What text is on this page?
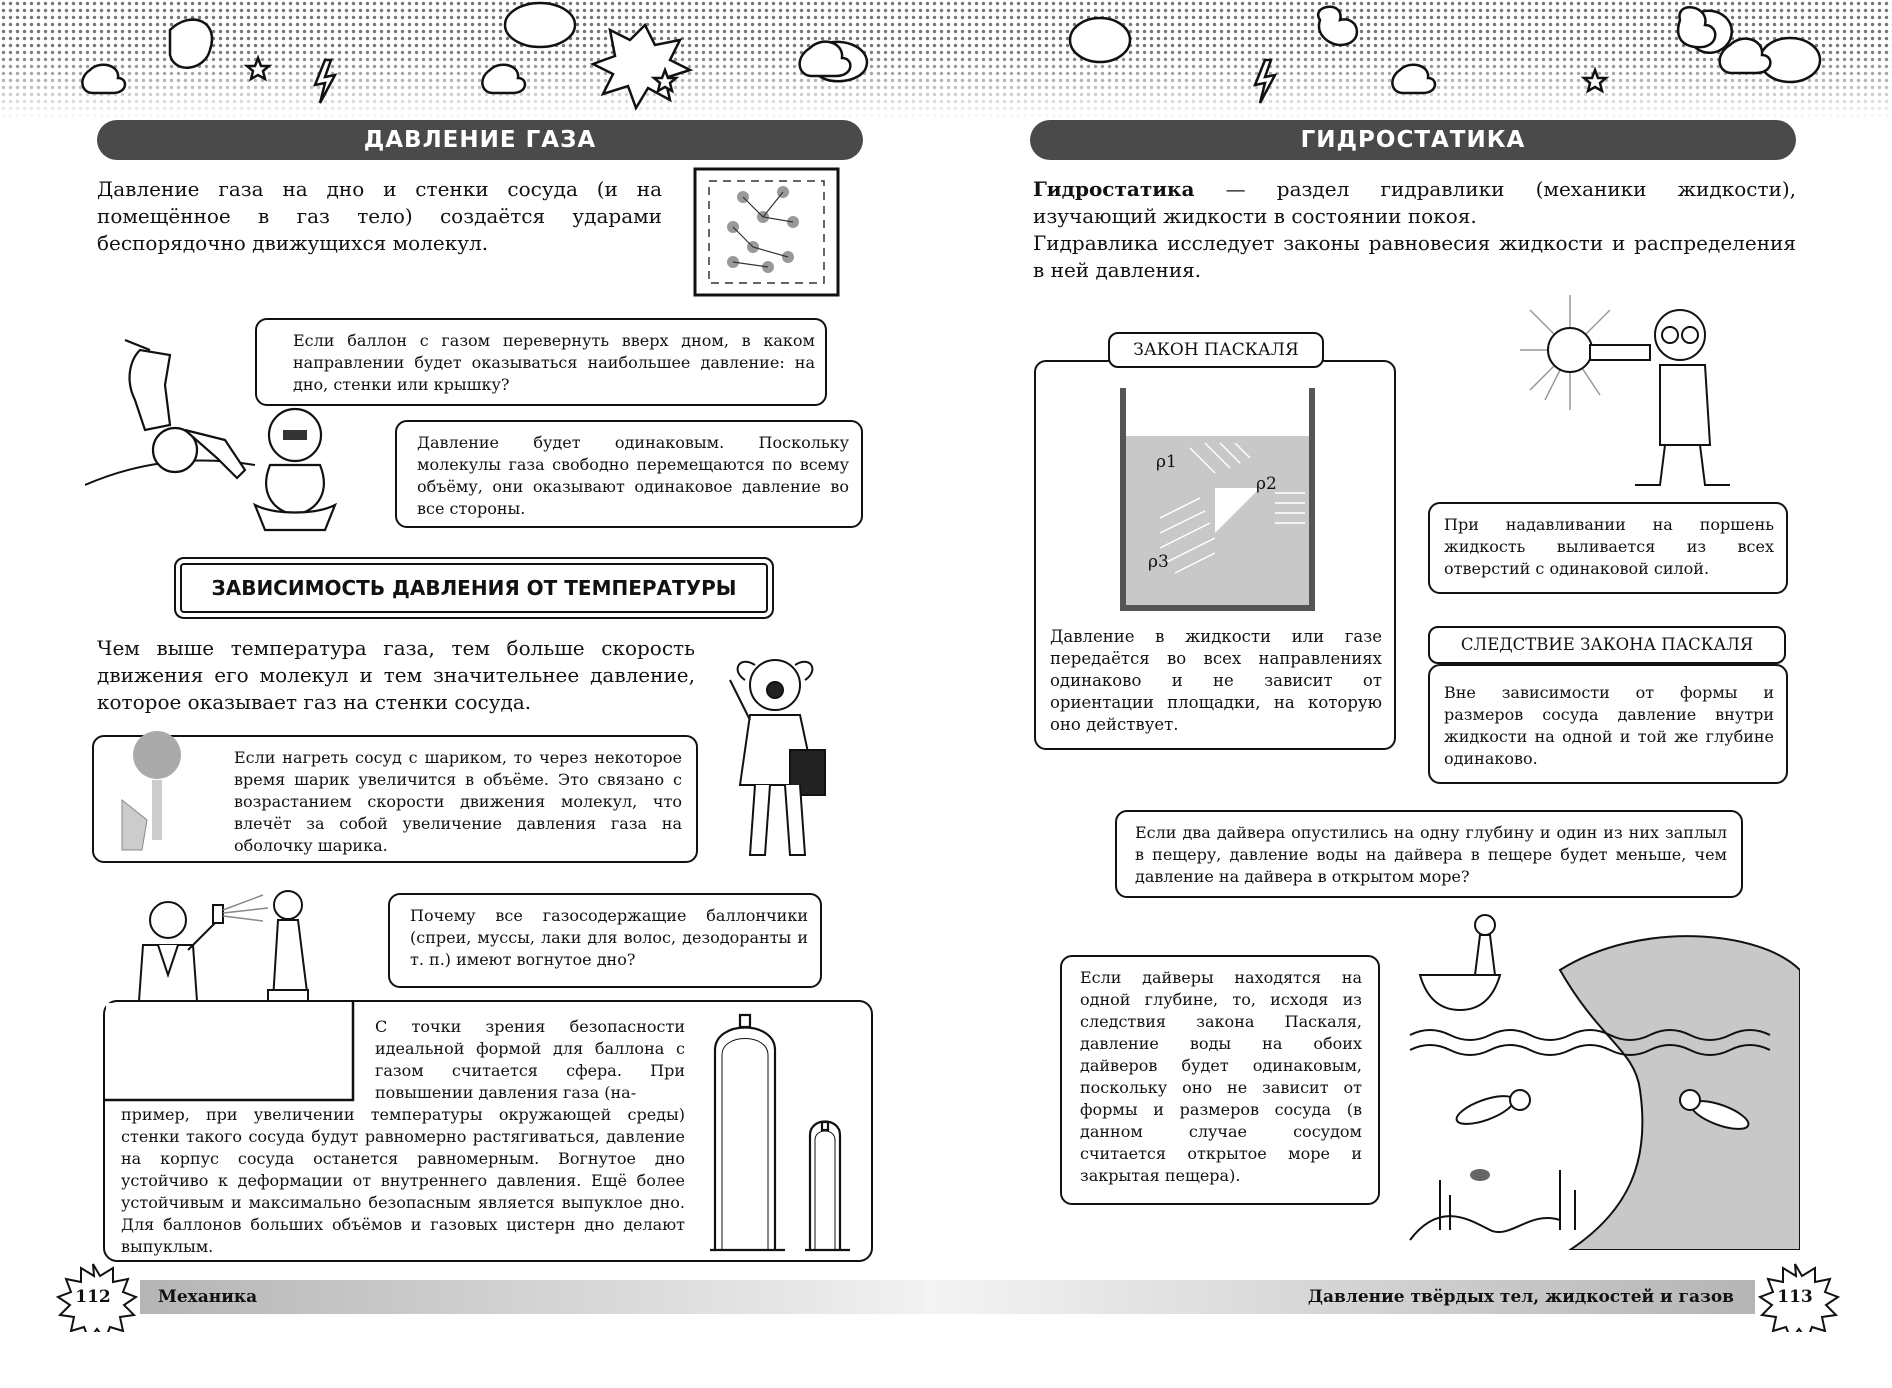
ДАВЛЕНИЕ ГАЗА
Давление газа на дно и стенки сосуда (и на помещённое в газ тело) создаётся ударами беспорядочно движущихся молекул.
Если баллон с газом перевернуть вверх дном, в каком направлении будет оказываться наибольшее давление: на дно, стенки или крышку?
Давление будет одинаковым. Поскольку молекулы газа свободно перемещаются по всему объёму, они оказывают одинаковое давление во все стороны.
ЗАВИСИМОСТЬ ДАВЛЕНИЯ ОТ ТЕМПЕРАТУРЫ
Чем выше температура газа, тем больше скорость движения его молекул и тем значительнее давление, которое оказывает газ на стенки сосуда.
Если нагреть сосуд с шариком, то через некоторое время шарик увеличится в объёме. Это связано с возрастанием скорости движения молекул, что влечёт за собой увеличение давления газа на оболочку шарика.
Почему все газосодержащие баллончики (спреи, муссы, лаки для волос, дезодоранты и т. п.) имеют вогнутое дно?
С точки зрения безопасности идеальной формой для баллона с газом считается сфера. При повышении давления газа (на-
пример, при увеличении температуры окружающей среды) стенки такого сосуда будут равномерно растягиваться, давление на корпус сосуда останется равномерным. Вогнутое дно устойчиво к деформации от внутреннего давления. Ещё более устойчивым и максимально безопасным является выпуклое дно. Для баллонов больших объёмов и газовых цистерн дно делают выпуклым.
112	Механика
ГИДРОСТАТИКА
Гидростатика — раздел гидравлики (механики жидкости), изучающий жидкости в состоянии покоя.
Гидравлика исследует законы равновесия жидкости и распределения в ней давления.
ЗАКОН ПАСКАЛЯ
ρ1
ρ2
ρ3
Давление в жидкости или газе передаётся во всех направлениях одинаково и не зависит от ориентации площадки, на которую оно действует.
При надавливании на поршень жидкость выливается из всех отверстий с одинаковой силой.
СЛЕДСТВИЕ ЗАКОНА ПАСКАЛЯ
Вне зависимости от формы и размеров сосуда давление внутри жидкости на одной и той же глубине одинаково.
Если два дайвера опустились на одну глубину и один из них заплыл в пещеру, давление воды на дайвера в пещере будет меньше, чем давление на дайвера в открытом море?
Если дайверы находятся на одной глубине, то, исходя из следствия закона Паскаля, давление воды на обоих дайверов будет одинаковым, поскольку оно не зависит от формы и размеров сосуда (в данном случае сосудом считается открытое море и закрытая пещера).
Давление твёрдых тел, жидкостей и газов	113
